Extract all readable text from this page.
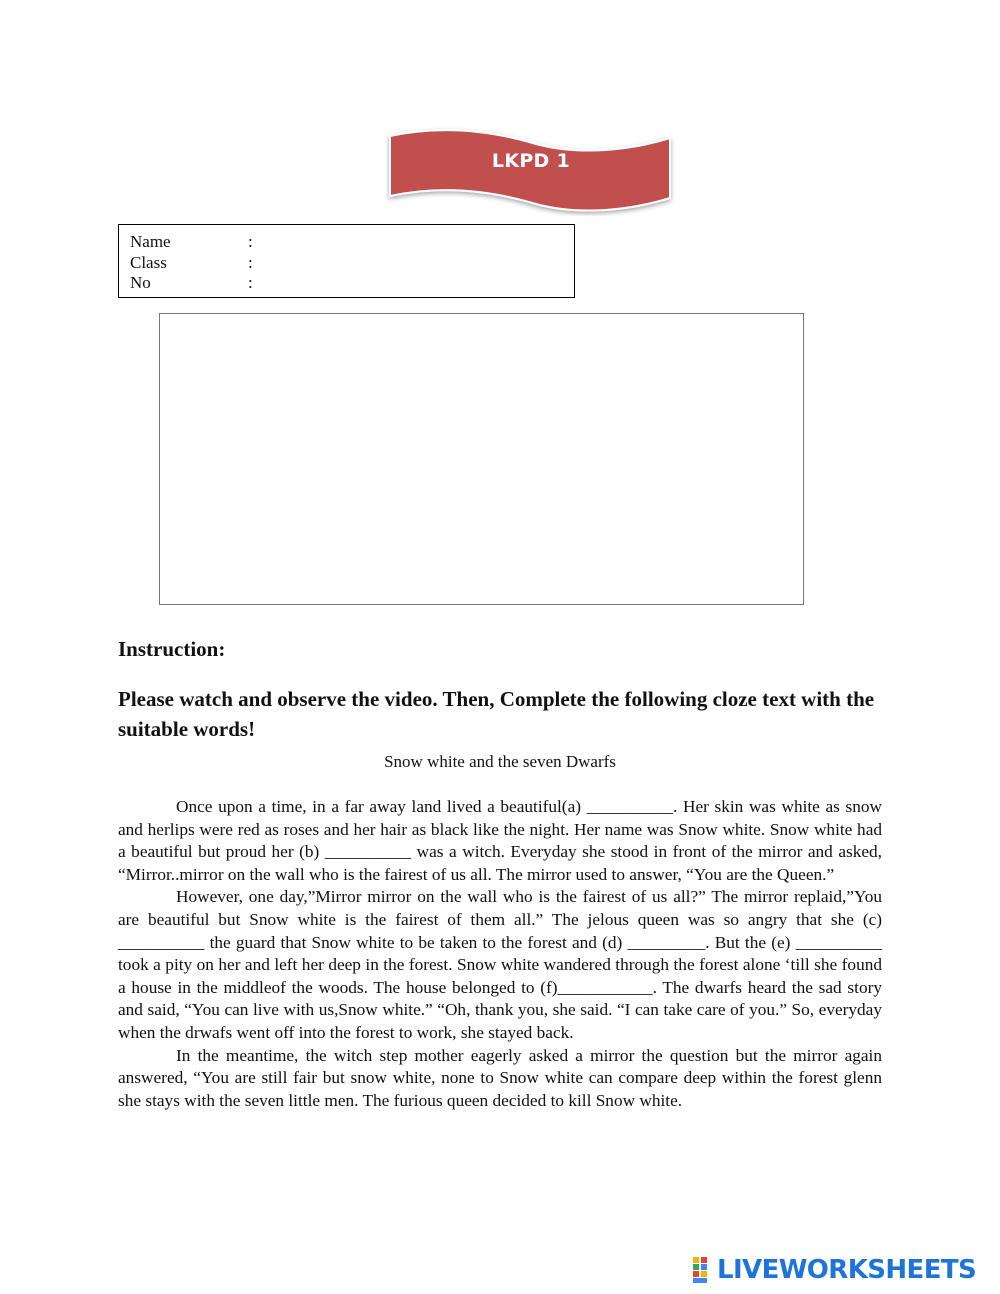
LKPD 1
Name	:
Class	:
No	:
Instruction:
Please watch and observe the video. Then, Complete the following cloze text with the suitable words!
Snow white and the seven Dwarfs

Once upon a time, in a far away land lived a beautiful(a) __________. Her skin was white as snow and herlips were red as roses and her hair as black like the night. Her name was Snow white. Snow white had a beautiful but proud her (b) __________ was a witch. Everyday she stood in front of the mirror and asked, “Mirror..mirror on the wall who is the fairest of us all. The mirror used to answer, “You are the Queen.”

However, one day,”Mirror mirror on the wall who is the fairest of us all?” The mirror replaid,”You are beautiful but Snow white is the fairest of them all.” The jelous queen was so angry that she (c) __________ the guard that Snow white to be taken to the forest and (d) _________. But the (e) __________ took a pity on her and left her deep in the forest. Snow white wandered through the forest alone ‘till she found a house in the middleof the woods. The house belonged to (f)___________. The dwarfs heard the sad story and said, “You can live with us,Snow white.” “Oh, thank you, she said. “I can take care of you.” So, everyday when the drwafs went off into the forest to work, she stayed back.

In the meantime, the witch step mother eagerly asked a mirror the question but the mirror again answered, “You are still fair but snow white, none to Snow white can compare deep within the forest glenn she stays with the seven little men. The furious queen decided to kill Snow white.

LIVEWORKSHEETS
